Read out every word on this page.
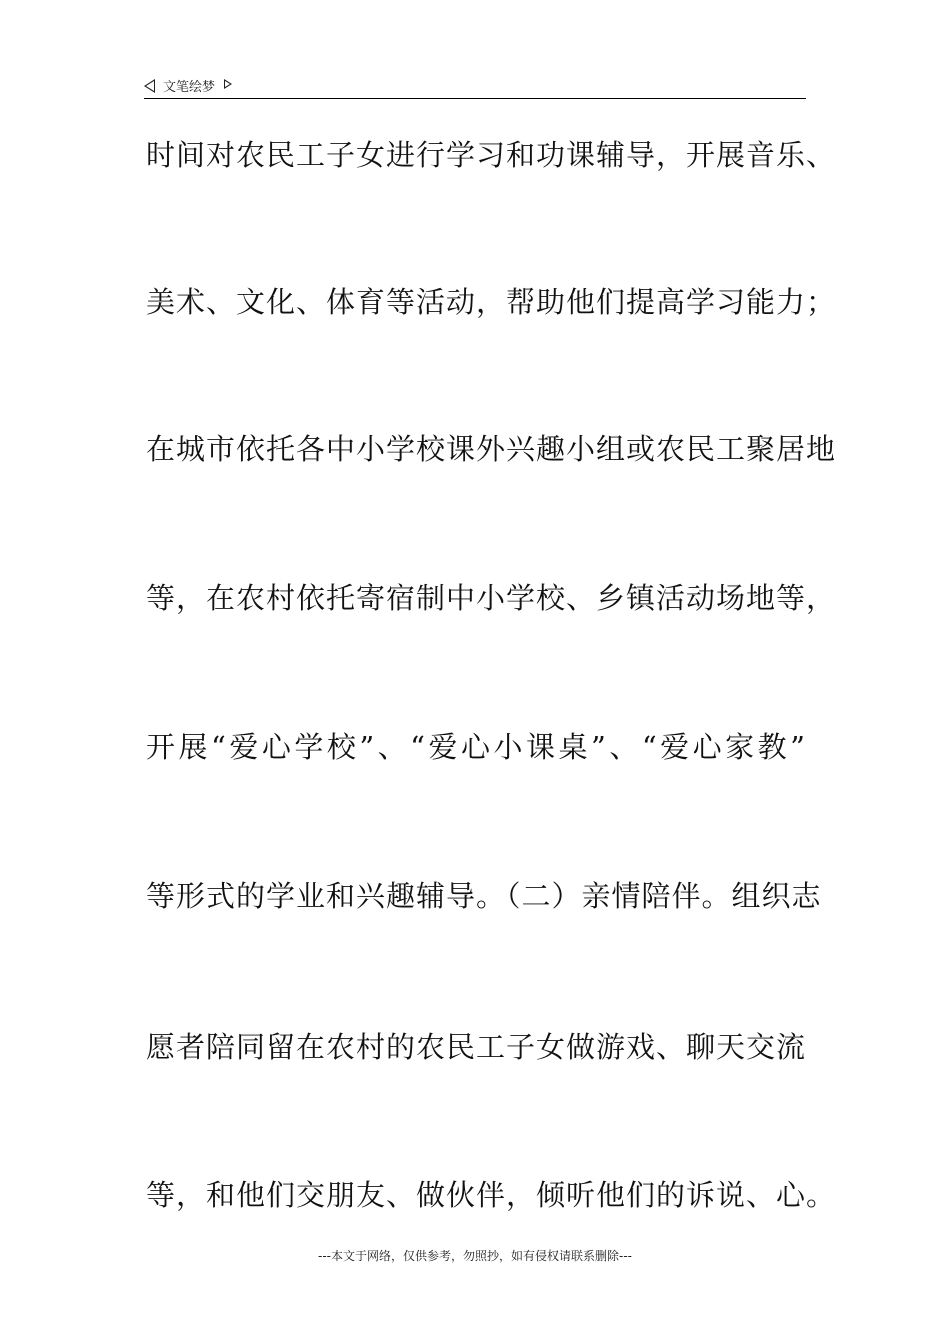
文笔绘梦
时间对农民工子女进行学习和功课辅导，开展音乐、
美术、文化、体育等活动，帮助他们提高学习能力；
在城市依托各中小学校课外兴趣小组或农民工聚居地
等，在农村依托寄宿制中小学校、乡镇活动场地等，
开展“爱心学校”、“爱心小课桌”、“爱心家教”
等形式的学业和兴趣辅导。（二）亲情陪伴。组织志
愿者陪同留在农村的农民工子女做游戏、聊天交流
等，和他们交朋友、做伙伴，倾听他们的诉说、心。
---本文于网络，仅供参考，勿照抄，如有侵权请联系删除---
